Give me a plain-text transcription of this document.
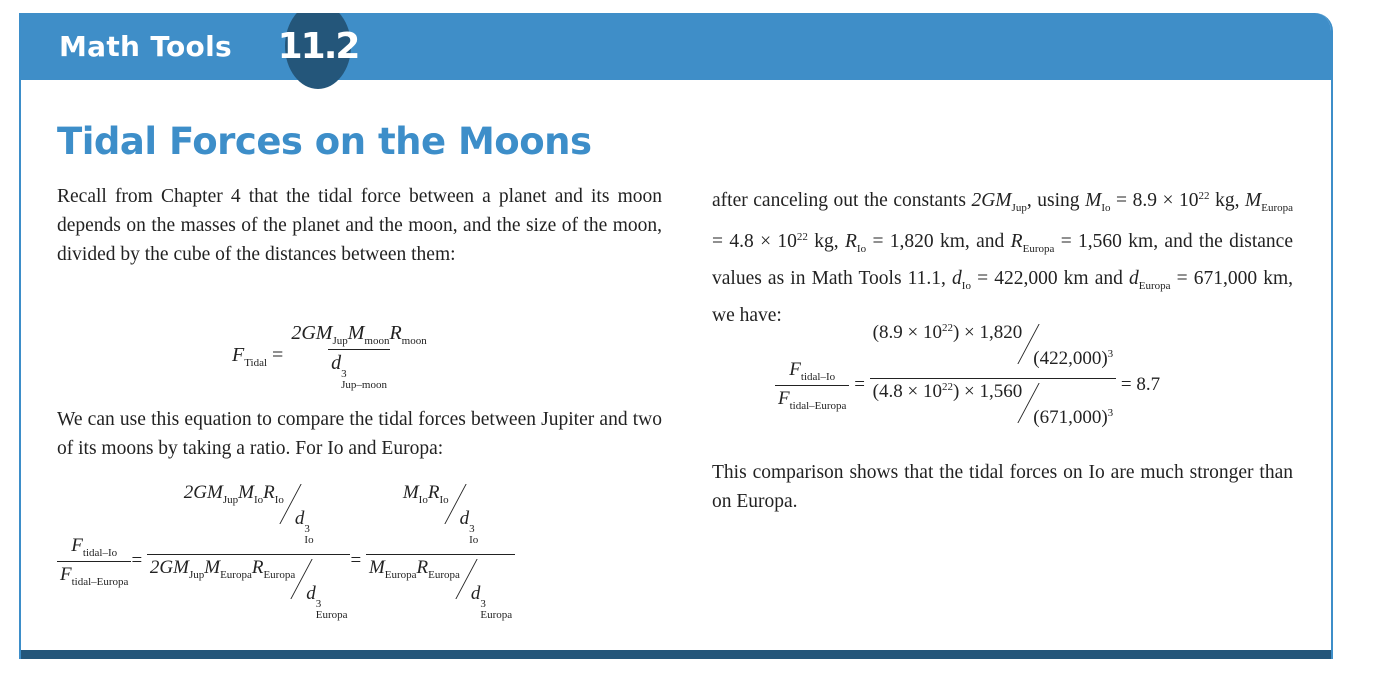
Math Tools 11.2
Tidal Forces on the Moons

Recall from Chapter 4 that the tidal force between a planet and its moon depends on the masses of the planet and the moon, and the size of the moon, divided by the cube of the distances between them:

$F_{Tidal} = 2GM_{Jup}M_{moon}R_{moon}$
d 3
Jup–moon

We can use this equation to compare the tidal forces between Jupiter and two of its moons by taking a ratio. For Io and Europa:

$\frac{F_{tidal-Io}}{F_{tidal-Europa}} = 2GM_{Jup}M_{Io}R_{Io}d$ 3
Io
$2GM_{Jup}M_{Europa}R_{Europa}d$ 3
Europa = $M_{Io}R_{Io}d$ 3
Io
$M_{Europa}R_{Europa}d$ 3
Europa

after canceling out the constants $2GM_{Jup}$, using $M_{Io} = 8.9 \times 10^{22}$ kg, $M_{Europa} = 4.8 \times 10^{22}$ kg, $R_{Io} = 1,820$ km, and $R_{Europa} = 1,560$ km, and the distance values as in Math Tools 11.1, $d_{Io} = 422,000$ km and $d_{Europa} = 671,000$ km, we have:

$\frac{F_{tidal-Io}}{F_{tidal-Europa}} = \frac{(8.9 \times 10^{22}) \times 1,820(422,000)^3}{(4.8 \times 10^{22}) \times 1,560(671,000)^3} = 8.7$

This comparison shows that the tidal forces on Io are much stronger than on Europa.
